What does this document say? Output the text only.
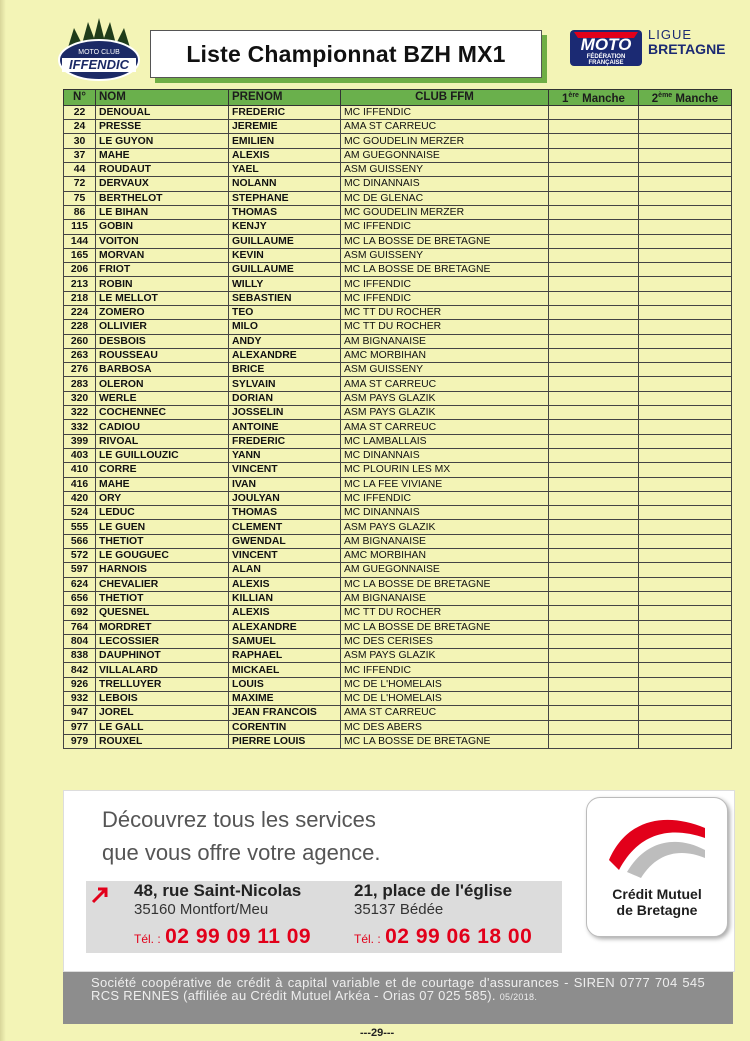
MOTO CLUB
IFFENDIC Liste Championnat BZH MX1	MOTO
FÉDÉRATION
FRANÇAISE
LIGUE
BRETAGNE
N°	NOM	PRENOM	CLUB FFM	1ère Manche	2ème Manche
22	DENOUAL	FREDERIC	MC IFFENDIC		
24	PRESSE	JEREMIE	AMA ST CARREUC		
30	LE GUYON	EMILIEN	MC GOUDELIN MERZER		
37	MAHE	ALEXIS	AM GUEGONNAISE		
44	ROUDAUT	YAEL	ASM GUISSENY		
72	DERVAUX	NOLANN	MC DINANNAIS		
75	BERTHELOT	STEPHANE	MC DE GLENAC		
86	LE BIHAN	THOMAS	MC GOUDELIN MERZER		
115	GOBIN	KENJY	MC IFFENDIC		
144	VOITON	GUILLAUME	MC LA BOSSE DE BRETAGNE		
165	MORVAN	KEVIN	ASM GUISSENY		
206	FRIOT	GUILLAUME	MC LA BOSSE DE BRETAGNE		
213	ROBIN	WILLY	MC IFFENDIC		
218	LE MELLOT	SEBASTIEN	MC IFFENDIC		
224	ZOMERO	TEO	MC TT DU ROCHER		
228	OLLIVIER	MILO	MC TT DU ROCHER		
260	DESBOIS	ANDY	AM BIGNANAISE		
263	ROUSSEAU	ALEXANDRE	AMC MORBIHAN		
276	BARBOSA	BRICE	ASM GUISSENY		
283	OLERON	SYLVAIN	AMA ST CARREUC		
320	WERLE	DORIAN	ASM PAYS GLAZIK		
322	COCHENNEC	JOSSELIN	ASM PAYS GLAZIK		
332	CADIOU	ANTOINE	AMA ST CARREUC		
399	RIVOAL	FREDERIC	MC LAMBALLAIS		
403	LE GUILLOUZIC	YANN	MC DINANNAIS		
410	CORRE	VINCENT	MC PLOURIN LES MX		
416	MAHE	IVAN	MC LA FEE VIVIANE		
420	ORY	JOULYAN	MC IFFENDIC		
524	LEDUC	THOMAS	MC DINANNAIS		
555	LE GUEN	CLEMENT	ASM PAYS GLAZIK		
566	THETIOT	GWENDAL	AM BIGNANAISE		
572	LE GOUGUEC	VINCENT	AMC MORBIHAN		
597	HARNOIS	ALAN	AM GUEGONNAISE		
624	CHEVALIER	ALEXIS	MC LA BOSSE DE BRETAGNE		
656	THETIOT	KILLIAN	AM BIGNANAISE		
692	QUESNEL	ALEXIS	MC TT DU ROCHER		
764	MORDRET	ALEXANDRE	MC LA BOSSE DE BRETAGNE		
804	LECOSSIER	SAMUEL	MC DES CERISES		
838	DAUPHINOT	RAPHAEL	ASM PAYS GLAZIK		
842	VILLALARD	MICKAEL	MC IFFENDIC		
926	TRELLUYER	LOUIS	MC DE L'HOMELAIS		
932	LEBOIS	MAXIME	MC DE L'HOMELAIS		
947	JOREL	JEAN FRANCOIS	AMA ST CARREUC		
977	LE GALL	CORENTIN	MC DES ABERS		
979	ROUXEL	PIERRE LOUIS	MC LA BOSSE DE BRETAGNE		
Découvrez tous les services
que vous offre votre agence.
48, rue Saint-Nicolas
35160 Montfort/Meu
Tél. : 02 99 09 11 09
21, place de l'église
35137 Bédée
Tél. : 02 99 06 18 00
Crédit Mutuel
de Bretagne
Société coopérative de crédit à capital variable et de courtage d'assurances - SIREN 0777 704 545 RCS RENNES (affiliée au Crédit Mutuel Arkéa - Orias 07 025 585). 05/2018.
---29---
